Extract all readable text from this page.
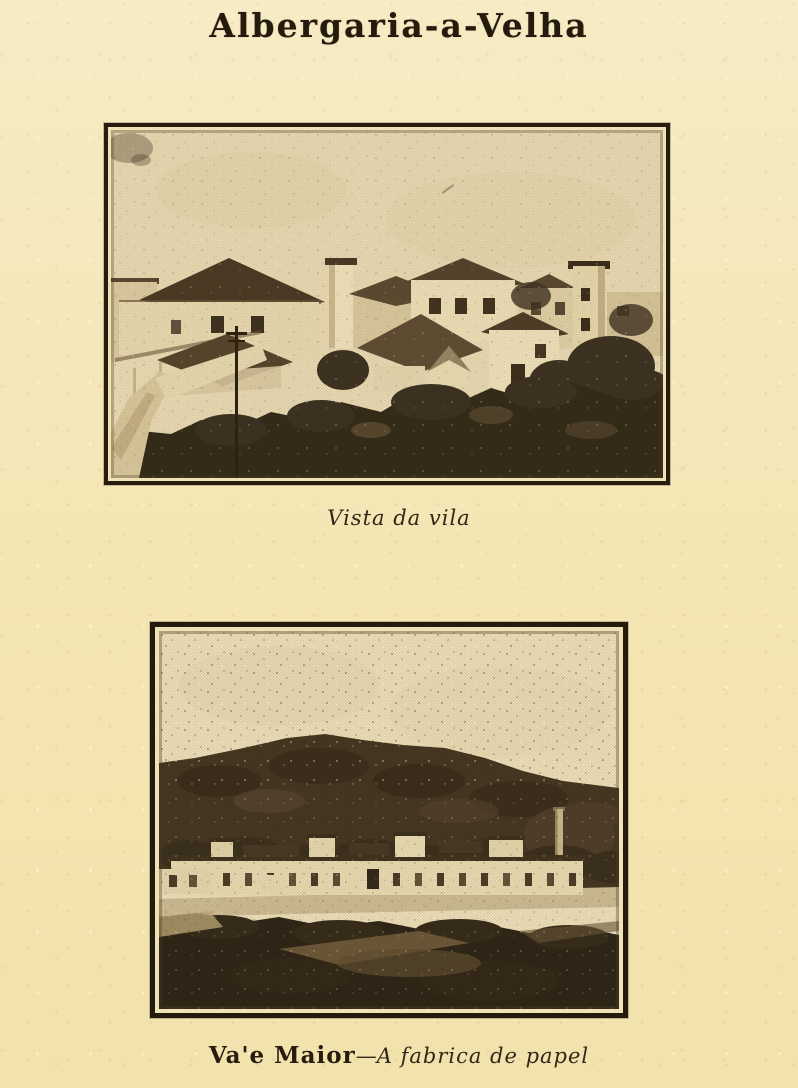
Albergaria-a-Velha

Vista da vila

Va'e Maior—A fabrica de papel
